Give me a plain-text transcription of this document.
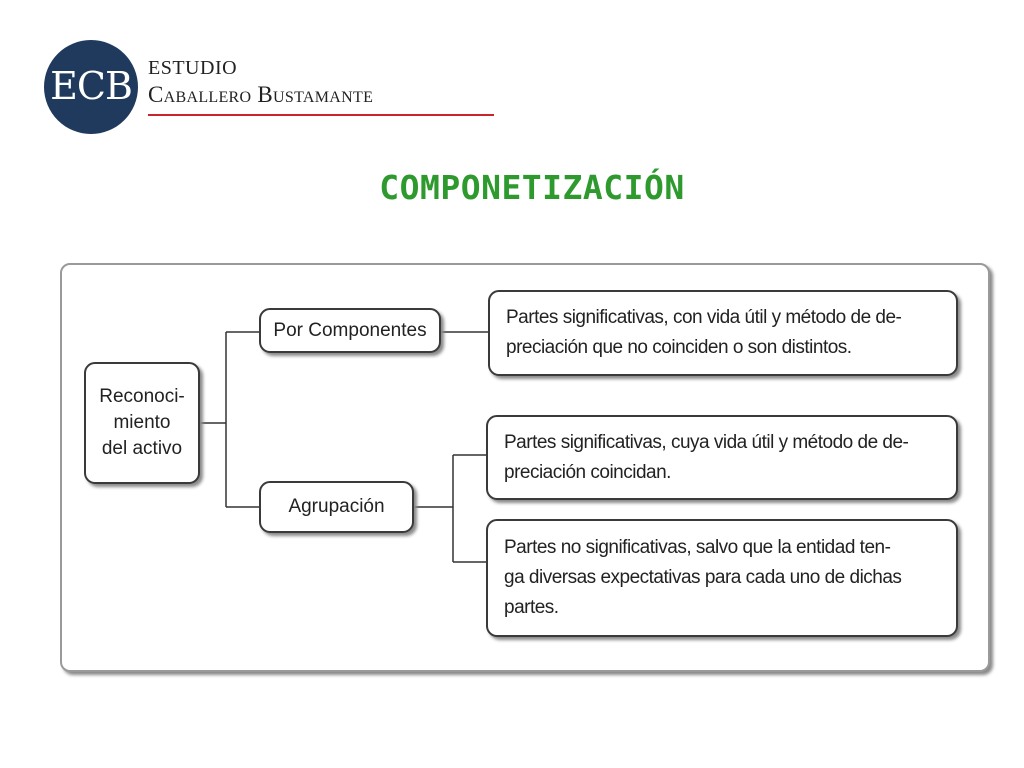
ECB ESTUDIO
Caballero Bustamante
COMPONETIZACIÓN
Reconoci-
miento
del activo
Por Componentes
Agrupación
Partes significativas, con vida útil y método de de-
preciación que no coinciden o son distintos.
Partes significativas, cuya vida útil y método de de-
preciación coincidan.
Partes no significativas, salvo que la entidad ten-
ga diversas expectativas para cada uno de dichas
partes.
